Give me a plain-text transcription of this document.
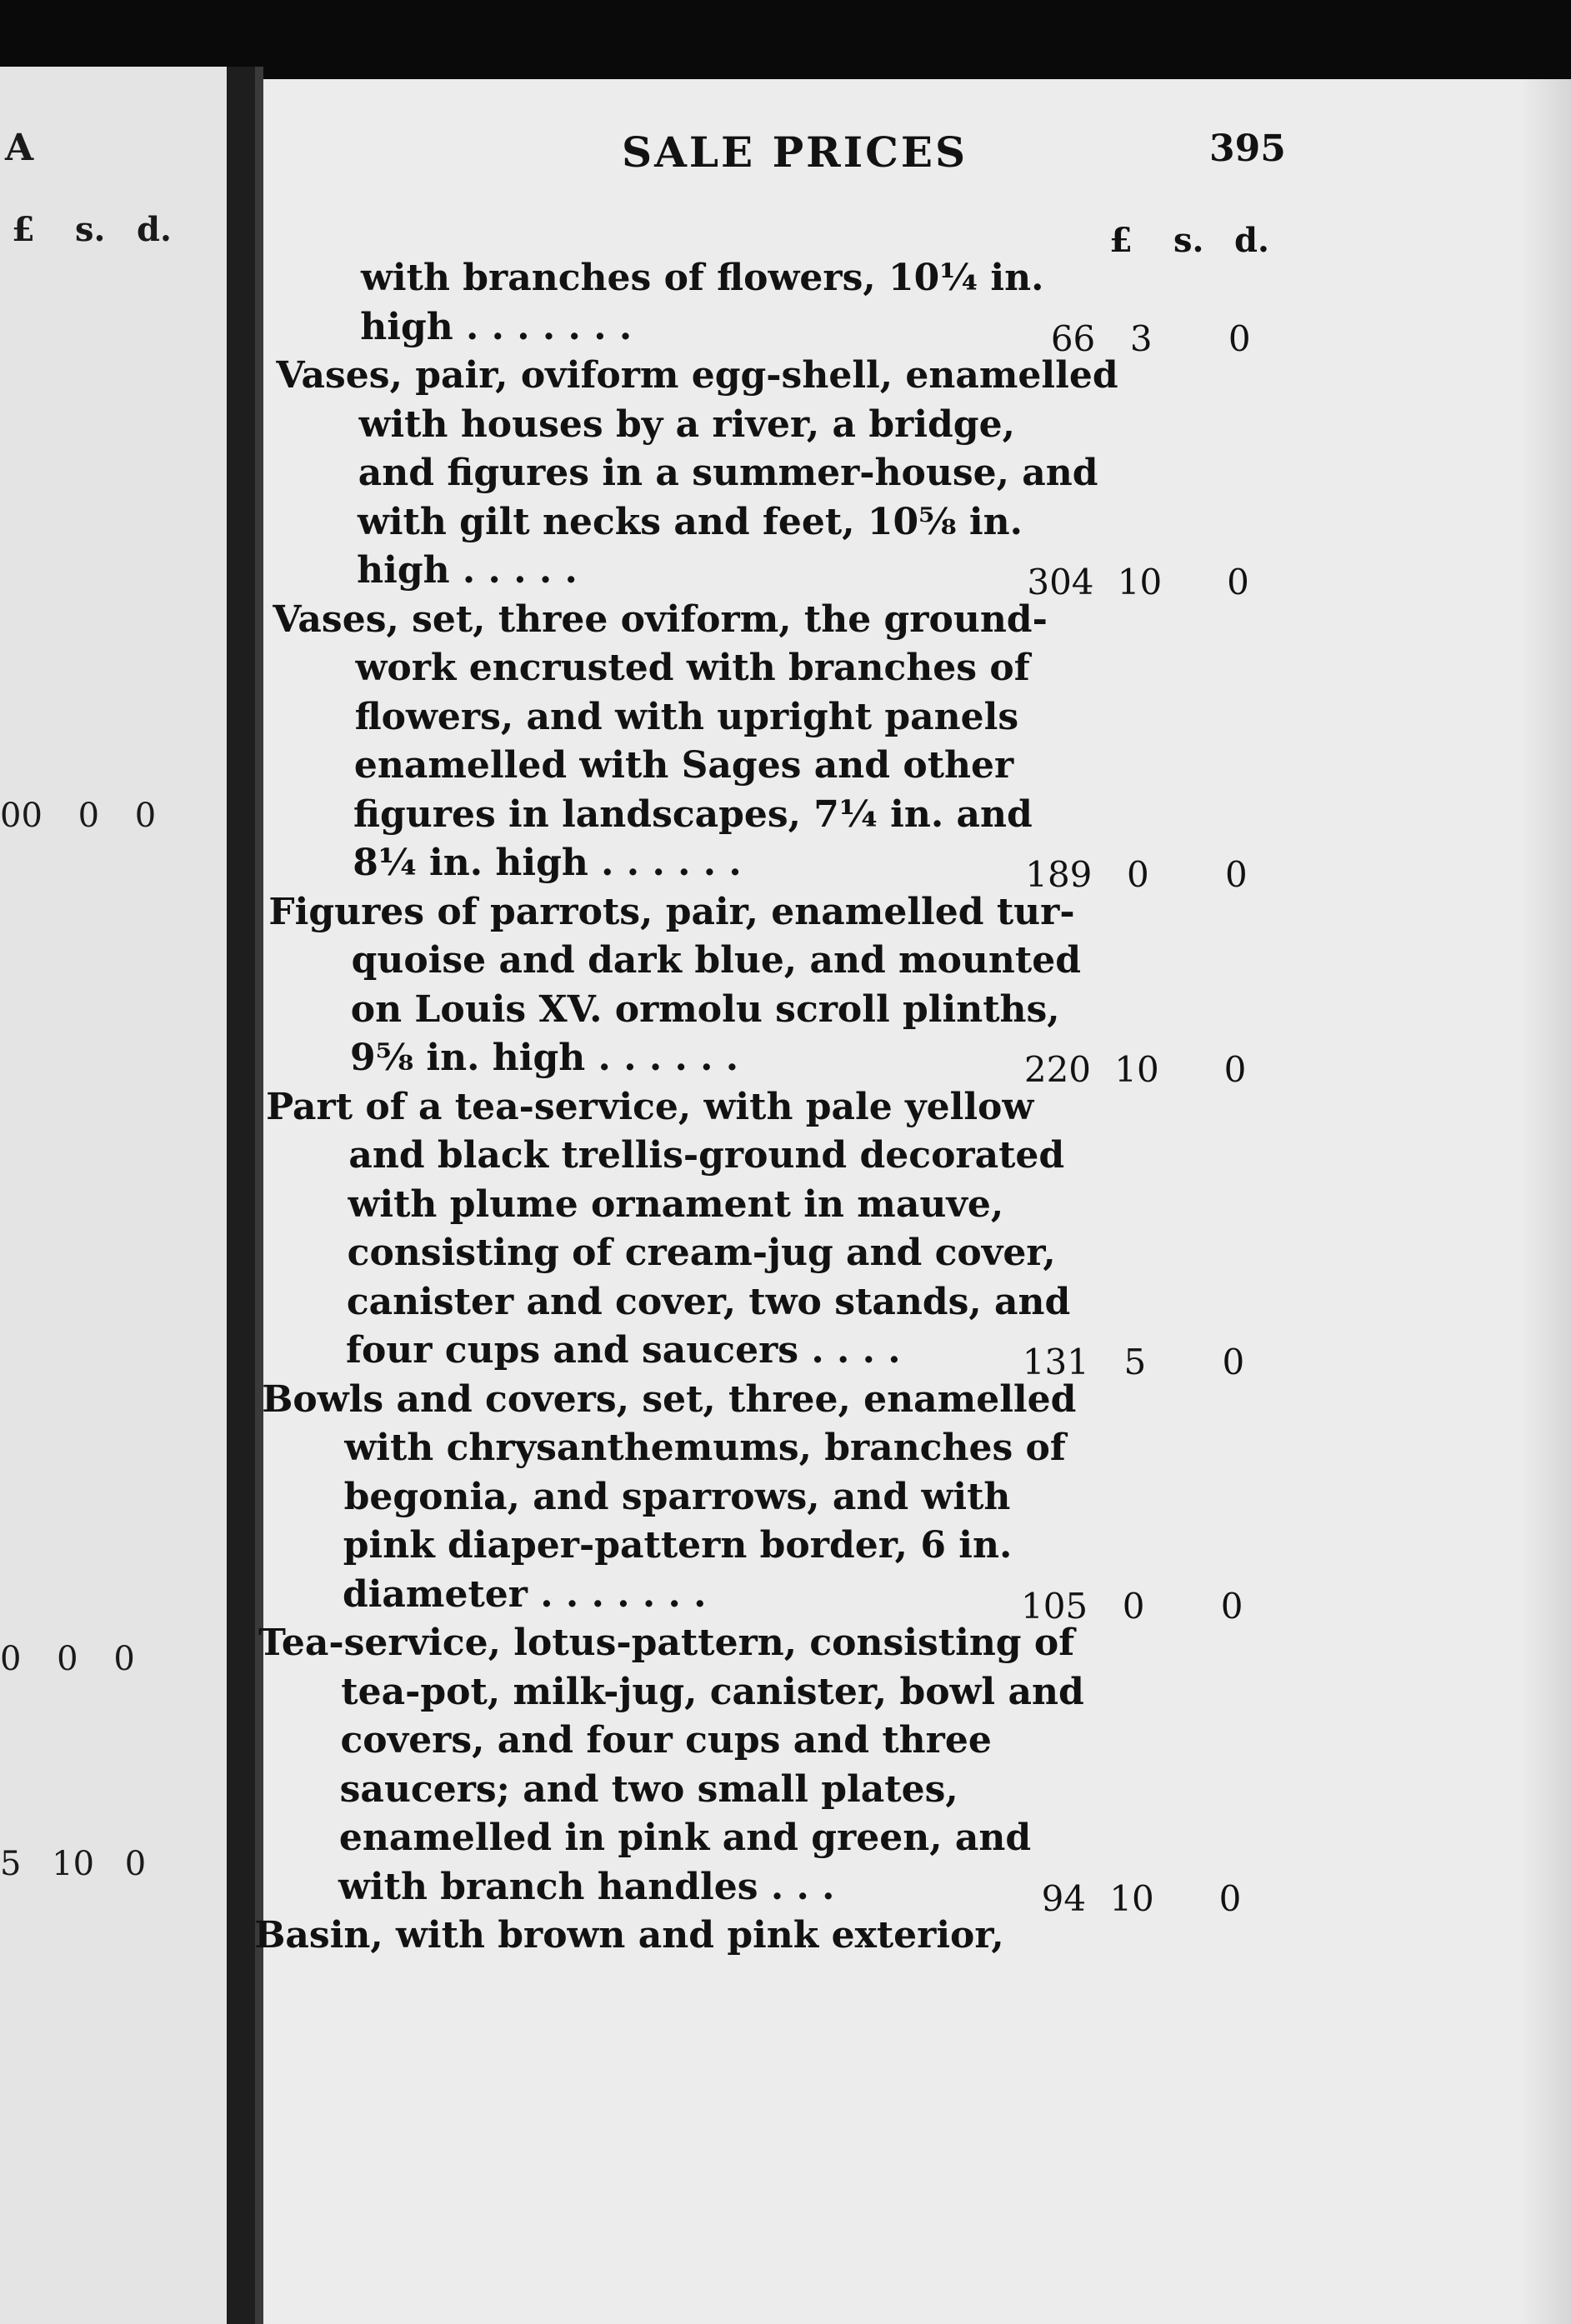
A
£ s. d.
00 0 0
0 0 0
5 10 0
SALE PRICES	395
£ s. d.
with branches of flowers, 10¼ in.
high . . . . . . .	66 3	0
Vases, pair, oviform egg-shell, enamelled
with houses by a river, a bridge,
and figures in a summer-house, and
with gilt necks and feet, 10⅝ in.
high . . . . .	304 10 0
Vases, set, three oviform, the ground-
work encrusted with branches of
flowers, and with upright panels
enamelled with Sages and other
figures in landscapes, 7¼ in. and
8¼ in. high . . . . . .	189 0	0
Figures of parrots, pair, enamelled tur-
quoise and dark blue, and mounted
on Louis XV. ormolu scroll plinths,
9⅝ in. high . . . . . .	220 10 0
Part of a tea-service, with pale yellow
and black trellis-ground decorated
with plume ornament in mauve,
consisting of cream-jug and cover,
canister and cover, two stands, and
four cups and saucers . . . .	131 5	0
Bowls and covers, set, three, enamelled
with chrysanthemums, branches of
begonia, and sparrows, and with
pink diaper-pattern border, 6 in.
diameter . . . . . . .	105 0	0
Tea-service, lotus-pattern, consisting of
tea-pot, milk-jug, canister, bowl and
covers, and four cups and three
saucers; and two small plates,
enamelled in pink and green, and
with branch handles . . .	94 10 0
Basin, with brown and pink exterior,
